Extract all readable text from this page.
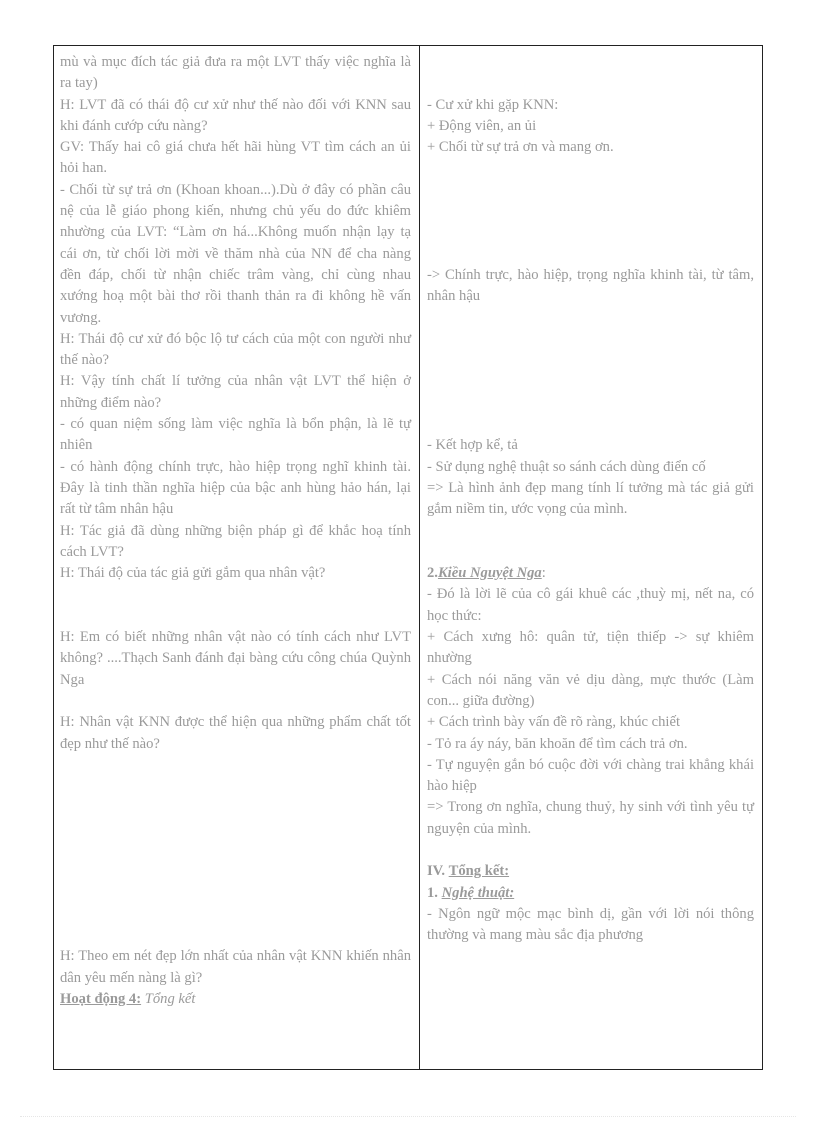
mù và mục đích tác giả đưa ra một LVT thấy việc nghĩa là ra tay)

H: LVT đã có thái độ cư xử như thế nào đối với KNN sau khi đánh cướp cứu nàng?

GV: Thấy hai cô giá chưa hết hãi hùng VT tìm cách an ủi hỏi han.

- Chối từ sự trả ơn (Khoan khoan...).Dù ở đây có phần câu nệ của lễ giáo phong kiến, nhưng chủ yếu do đức khiêm nhường của LVT: “Làm ơn há...Không muốn nhận lạy tạ cái ơn, từ chối lời mời về thăm nhà của NN để cha nàng đền đáp, chối từ nhận chiếc trâm vàng, chỉ cùng nhau xướng hoạ một bài thơ rồi thanh thản ra đi không hề vấn vương.

H: Thái độ cư xử đó bộc lộ tư cách của một con người như thế nào?

H: Vậy tính chất lí tưởng của nhân vật LVT thể hiện ở những điểm nào?

- có quan niệm sống làm việc nghĩa là bổn phận, là lẽ tự nhiên

- có hành động chính trực, hào hiệp trọng nghĩ khinh tài. Đây là tinh thần nghĩa hiệp của bậc anh hùng hảo hán, lại rất từ tâm nhân hậu

H: Tác giả đã dùng những biện pháp gì để khắc hoạ tính cách LVT?

H: Thái độ của tác giả gửi gắm qua nhân vật?

H: Em có biết những nhân vật nào có tính cách như LVT không? ....Thạch Sanh đánh đại bàng cứu công chúa Quỳnh Nga

H: Nhân vật KNN được thể hiện qua những phẩm chất tốt đẹp như thế nào?

H: Theo em nét đẹp lớn nhất của nhân vật KNN khiến nhân dân yêu mến nàng là gì?

Hoạt động 4: Tổng kết

- Cư xử khi gặp KNN:

+ Động viên, an ủi

+ Chối từ sự trả ơn và mang ơn.

-> Chính trực, hào hiệp, trọng nghĩa khinh tài, từ tâm, nhân hậu

- Kết hợp kể, tả

- Sử dụng nghệ thuật so sánh cách dùng điển cố

=> Là hình ảnh đẹp mang tính lí tưởng mà tác giả gửi gắm niềm tin, ước vọng của mình.

2.Kiều Nguyệt Nga:

- Đó là lời lẽ của cô gái khuê các ,thuỳ mị, nết na, có học thức:

+ Cách xưng hô: quân tử, tiện thiếp -> sự khiêm nhường

+ Cách nói năng văn vẻ dịu dàng, mực thước (Làm con... giữa đường)

+ Cách trình bày vấn đề rõ ràng, khúc chiết

- Tỏ ra áy náy, băn khoăn để tìm cách trả ơn.

- Tự nguyện gắn bó cuộc đời với chàng trai khẳng khái hào hiệp

=> Trong ơn nghĩa, chung thuỷ, hy sinh với tình yêu tự nguyện của mình.

IV. Tổng kết:

1. Nghệ thuật:

- Ngôn ngữ mộc mạc bình dị, gần với lời nói thông thường và mang màu sắc địa phương
